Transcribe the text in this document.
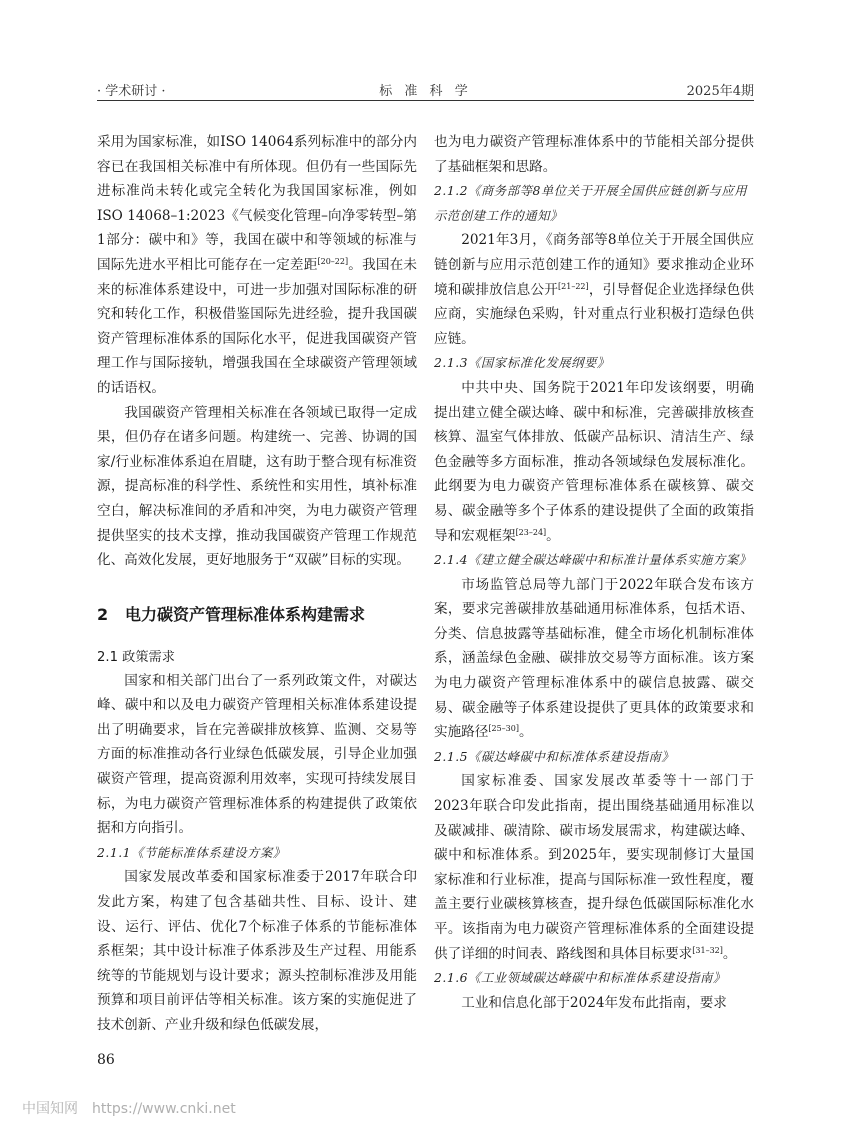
· 学术研讨 ·	标 准 科 学	2025年4期

采用为国家标准，如ISO 14064系列标准中的部分内容已在我国相关标准中有所体现。但仍有一些国际先进标准尚未转化或完全转化为我国国家标准，例如ISO 14068–1:2023《气候变化管理–向净零转型–第1部分：碳中和》等，我国在碳中和等领域的标准与国际先进水平相比可能存在一定差距[20–22]。我国在未来的标准体系建设中，可进一步加强对国际标准的研究和转化工作，积极借鉴国际先进经验，提升我国碳资产管理标准体系的国际化水平，促进我国碳资产管理工作与国际接轨，增强我国在全球碳资产管理领域的话语权。

我国碳资产管理相关标准在各领域已取得一定成果，但仍存在诸多问题。构建统一、完善、协调的国家/行业标准体系迫在眉睫，这有助于整合现有标准资源，提高标准的科学性、系统性和实用性，填补标准空白，解决标准间的矛盾和冲突，为电力碳资产管理提供坚实的技术支撑，推动我国碳资产管理工作规范化、高效化发展，更好地服务于“双碳”目标的实现。

2 电力碳资产管理标准体系构建需求
2.1 政策需求

国家和相关部门出台了一系列政策文件，对碳达峰、碳中和以及电力碳资产管理相关标准体系建设提出了明确要求，旨在完善碳排放核算、监测、交易等方面的标准推动各行业绿色低碳发展，引导企业加强碳资产管理，提高资源利用效率，实现可持续发展目标，为电力碳资产管理标准体系的构建提供了政策依据和方向指引。

2.1.1《节能标准体系建设方案》

国家发展改革委和国家标准委于2017年联合印发此方案，构建了包含基础共性、目标、设计、建设、运行、评估、优化7个标准子体系的节能标准体系框架；其中设计标准子体系涉及生产过程、用能系统等的节能规划与设计要求；源头控制标准涉及用能预算和项目前评估等相关标准。该方案的实施促进了技术创新、产业升级和绿色低碳发展，

也为电力碳资产管理标准体系中的节能相关部分提供了基础框架和思路。

2.1.2《商务部等8单位关于开展全国供应链创新与应用示范创建工作的通知》

2021年3月，《商务部等8单位关于开展全国供应链创新与应用示范创建工作的通知》要求推动企业环境和碳排放信息公开[21–22]，引导督促企业选择绿色供应商，实施绿色采购，针对重点行业积极打造绿色供应链。

2.1.3《国家标准化发展纲要》

中共中央、国务院于2021年印发该纲要，明确提出建立健全碳达峰、碳中和标准，完善碳排放核查核算、温室气体排放、低碳产品标识、清洁生产、绿色金融等多方面标准，推动各领域绿色发展标准化。此纲要为电力碳资产管理标准体系在碳核算、碳交易、碳金融等多个子体系的建设提供了全面的政策指导和宏观框架[23–24]。

2.1.4《建立健全碳达峰碳中和标准计量体系实施方案》

市场监管总局等九部门于2022年联合发布该方案，要求完善碳排放基础通用标准体系，包括术语、分类、信息披露等基础标准，健全市场化机制标准体系，涵盖绿色金融、碳排放交易等方面标准。该方案为电力碳资产管理标准体系中的碳信息披露、碳交易、碳金融等子体系建设提供了更具体的政策要求和实施路径[25–30]。

2.1.5《碳达峰碳中和标准体系建设指南》

国家标准委、国家发展改革委等十一部门于2023年联合印发此指南，提出围绕基础通用标准以及碳减排、碳清除、碳市场发展需求，构建碳达峰、碳中和标准体系。到2025年，要实现制修订大量国家标准和行业标准，提高与国际标准一致性程度，覆盖主要行业碳核算核查，提升绿色低碳国际标准化水平。该指南为电力碳资产管理标准体系的全面建设提供了详细的时间表、路线图和具体目标要求[31–32]。

2.1.6《工业领域碳达峰碳中和标准体系建设指南》

工业和信息化部于2024年发布此指南，要求

86
中国知网 https://www.cnki.net
